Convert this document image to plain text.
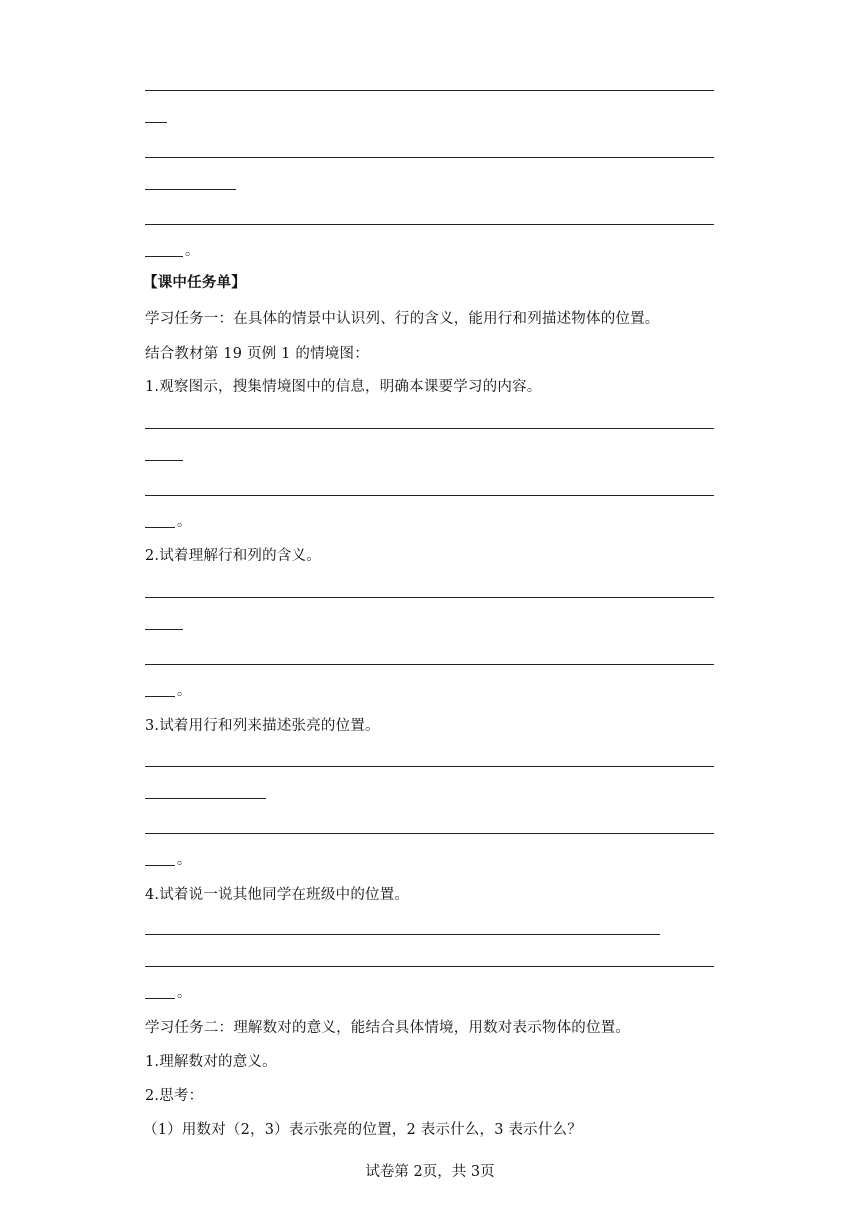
。
【课中任务单】
学习任务一：在具体的情景中认识列、行的含义，能用行和列描述物体的位置。
结合教材第 19 页例 1 的情境图：
1.观察图示，搜集情境图中的信息，明确本课要学习的内容。
。
2.试着理解行和列的含义。
。
3.试着用行和列来描述张亮的位置。
。
4.试着说一说其他同学在班级中的位置。
。
学习任务二：理解数对的意义，能结合具体情境，用数对表示物体的位置。
1.理解数对的意义。
2.思考：
（1）用数对（2，3）表示张亮的位置，2 表示什么，3 表示什么？
试卷第 2页，共 3页
